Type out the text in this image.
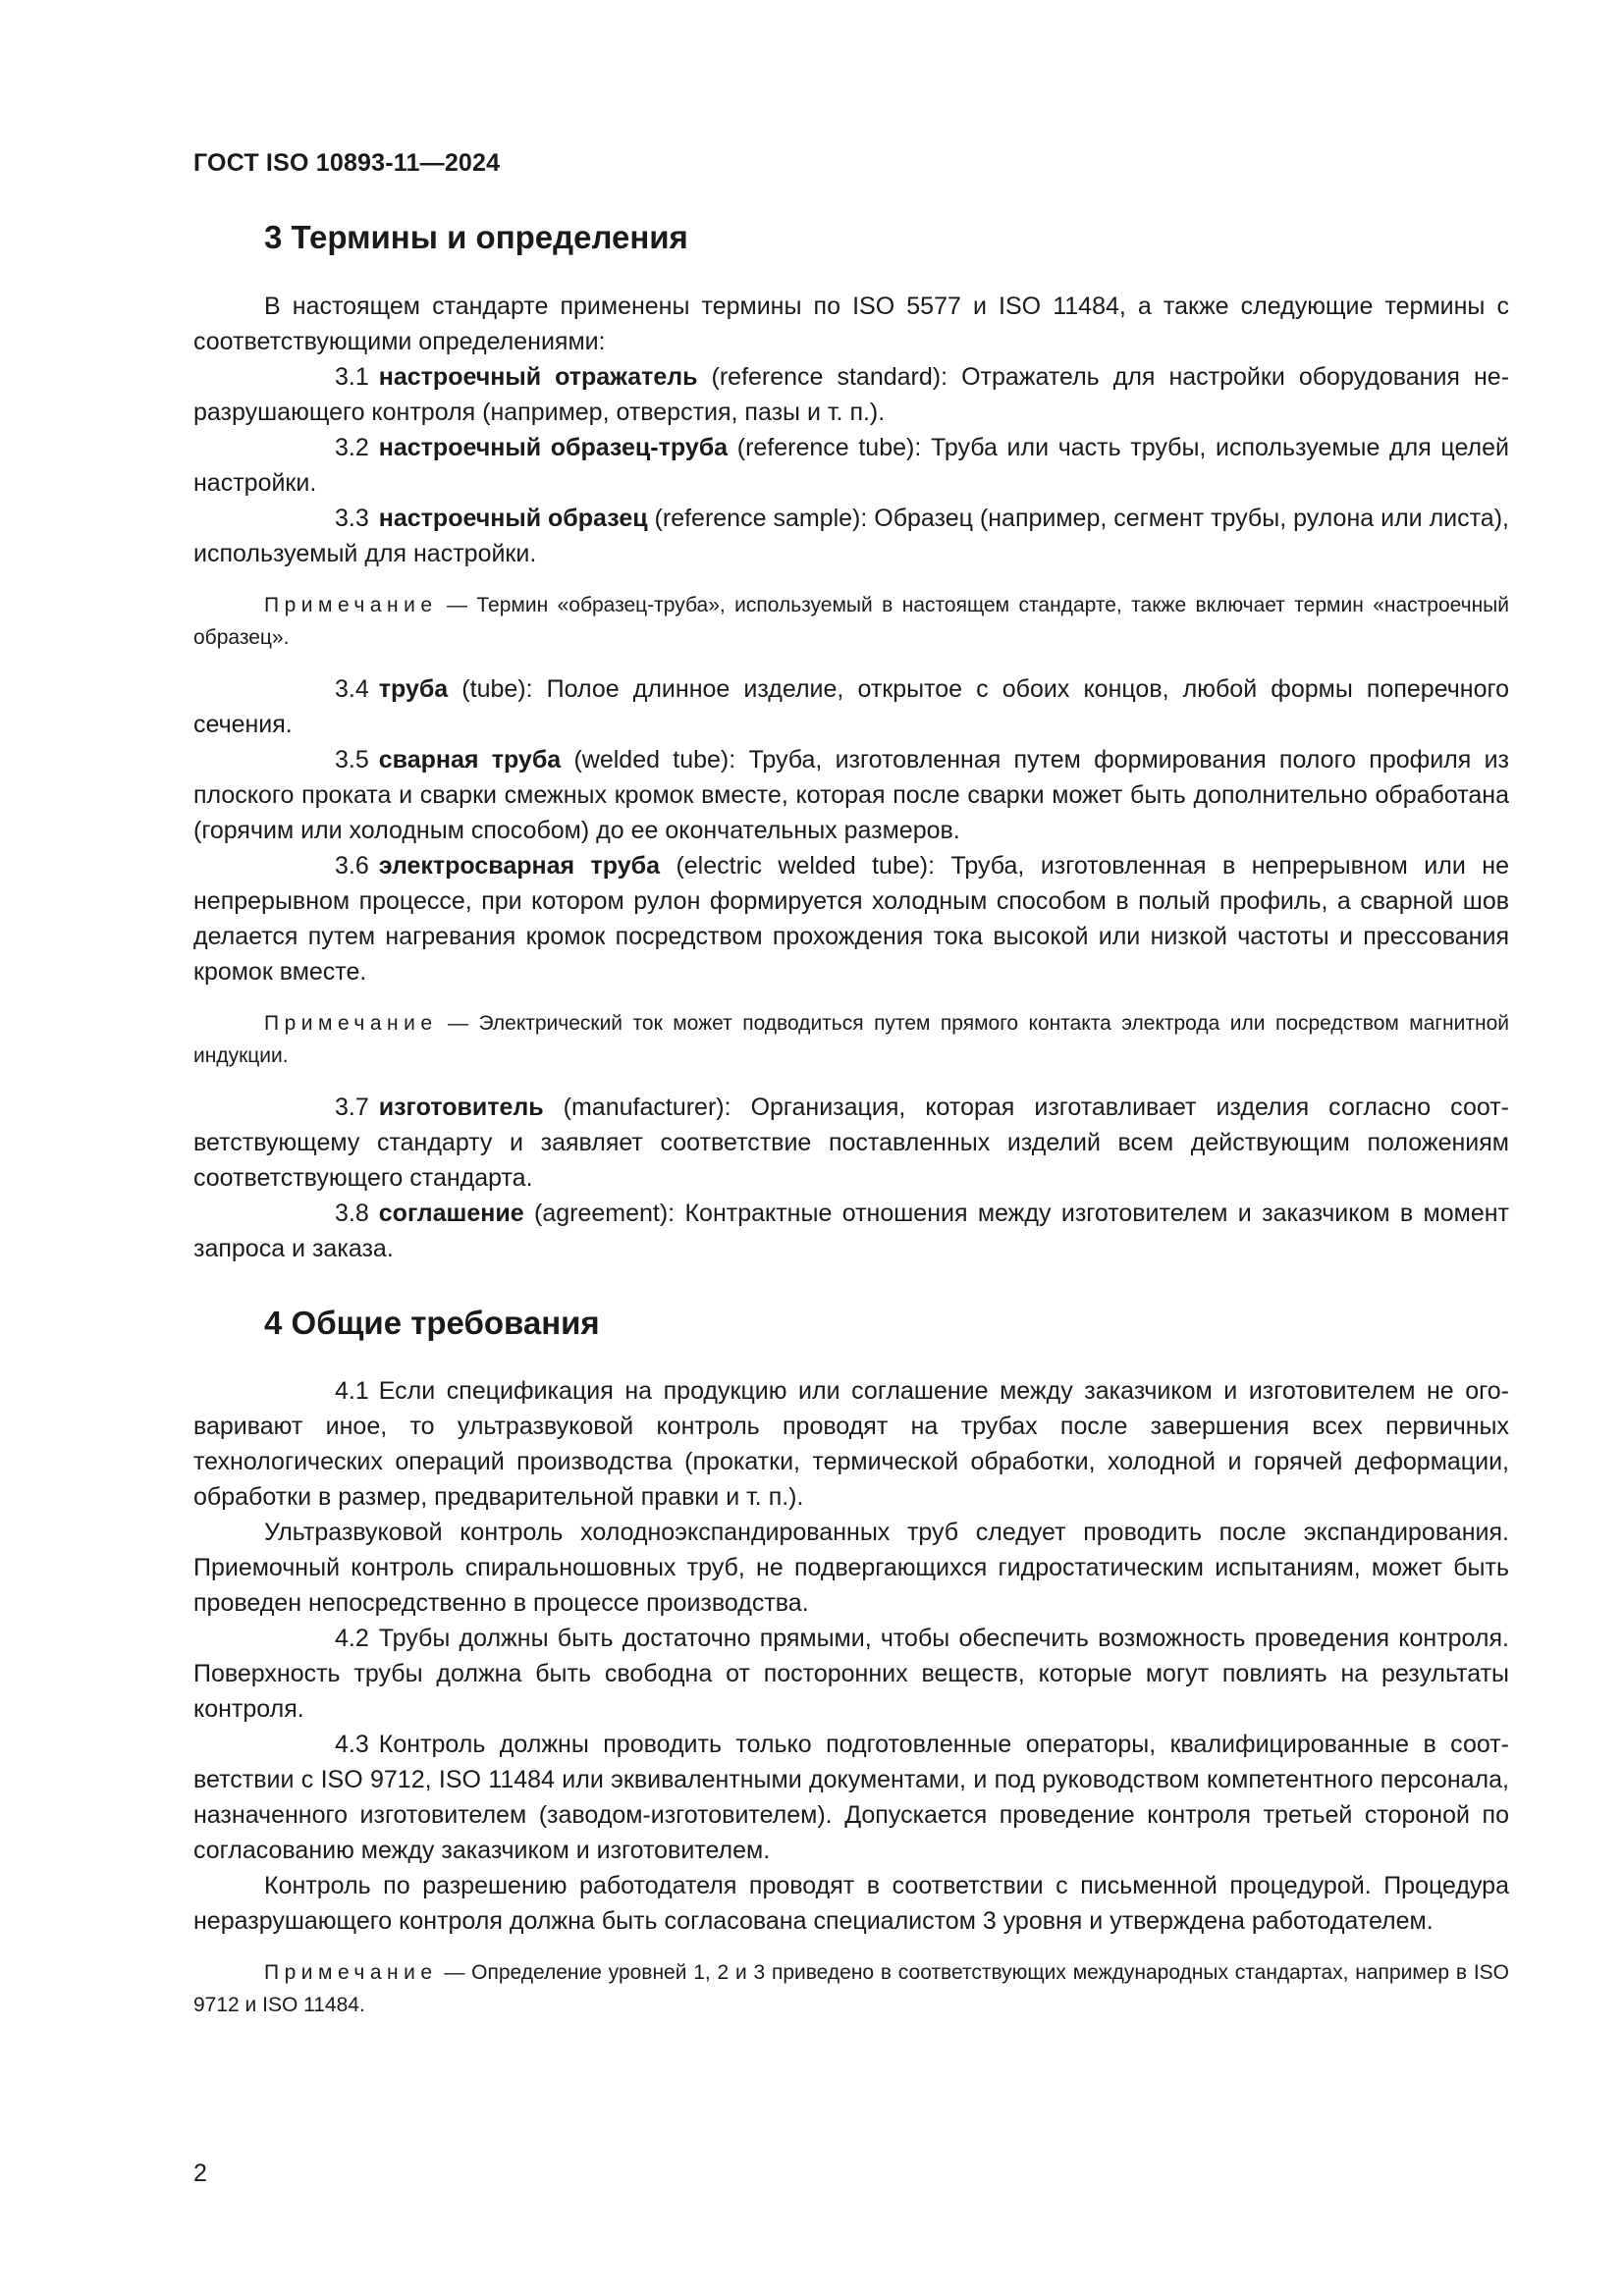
ГОСТ ISO 10893-11—2024
3 Термины и определения

В настоящем стандарте применены термины по ISO 5577 и ISO 11484, а также следующие термины с соответствующими определениями:

3.1 настроечный отражатель (reference standard): Отражатель для настройки оборудования неразрушающего контроля (например, отверстия, пазы и т. п.).

3.2 настроечный образец-труба (reference tube): Труба или часть трубы, используемые для целей настройки.

3.3 настроечный образец (reference sample): Образец (например, сегмент трубы, рулона или листа), используемый для настройки.

Примечание — Термин «образец-труба», используемый в настоящем стандарте, также включает термин «настроечный образец».

3.4 труба (tube): Полое длинное изделие, открытое с обоих концов, любой формы поперечного сечения.

3.5 сварная труба (welded tube): Труба, изготовленная путем формирования полого профиля из плоского проката и сварки смежных кромок вместе, которая после сварки может быть дополнительно обработана (горячим или холодным способом) до ее окончательных размеров.

3.6 электросварная труба (electric welded tube): Труба, изготовленная в непрерывном или не непрерывном процессе, при котором рулон формируется холодным способом в полый профиль, а сварной шов делается путем нагревания кромок посредством прохождения тока высокой или низкой частоты и прессования кромок вместе.

Примечание — Электрический ток может подводиться путем прямого контакта электрода или посредством магнитной индукции.

3.7 изготовитель (manufacturer): Организация, которая изготавливает изделия согласно соответствующему стандарту и заявляет соответствие поставленных изделий всем действующим положениям соответствующего стандарта.

3.8 соглашение (agreement): Контрактные отношения между изготовителем и заказчиком в момент запроса и заказа.

4 Общие требования

4.1 Если спецификация на продукцию или соглашение между заказчиком и изготовителем не оговаривают иное, то ультразвуковой контроль проводят на трубах после завершения всех первичных технологических операций производства (прокатки, термической обработки, холодной и горячей деформации, обработки в размер, предварительной правки и т. п.).

Ультразвуковой контроль холодноэкспандированных труб следует проводить после экспандирования. Приемочный контроль спиральношовных труб, не подвергающихся гидростатическим испытаниям, может быть проведен непосредственно в процессе производства.

4.2 Трубы должны быть достаточно прямыми, чтобы обеспечить возможность проведения контроля. Поверхность трубы должна быть свободна от посторонних веществ, которые могут повлиять на результаты контроля.

4.3 Контроль должны проводить только подготовленные операторы, квалифицированные в соответствии с ISO 9712, ISO 11484 или эквивалентными документами, и под руководством компетентного персонала, назначенного изготовителем (заводом-изготовителем). Допускается проведение контроля третьей стороной по согласованию между заказчиком и изготовителем.

Контроль по разрешению работодателя проводят в соответствии с письменной процедурой. Процедура неразрушающего контроля должна быть согласована специалистом 3 уровня и утверждена работодателем.

Примечание — Определение уровней 1, 2 и 3 приведено в соответствующих международных стандартах, например в ISO 9712 и ISO 11484.

2
